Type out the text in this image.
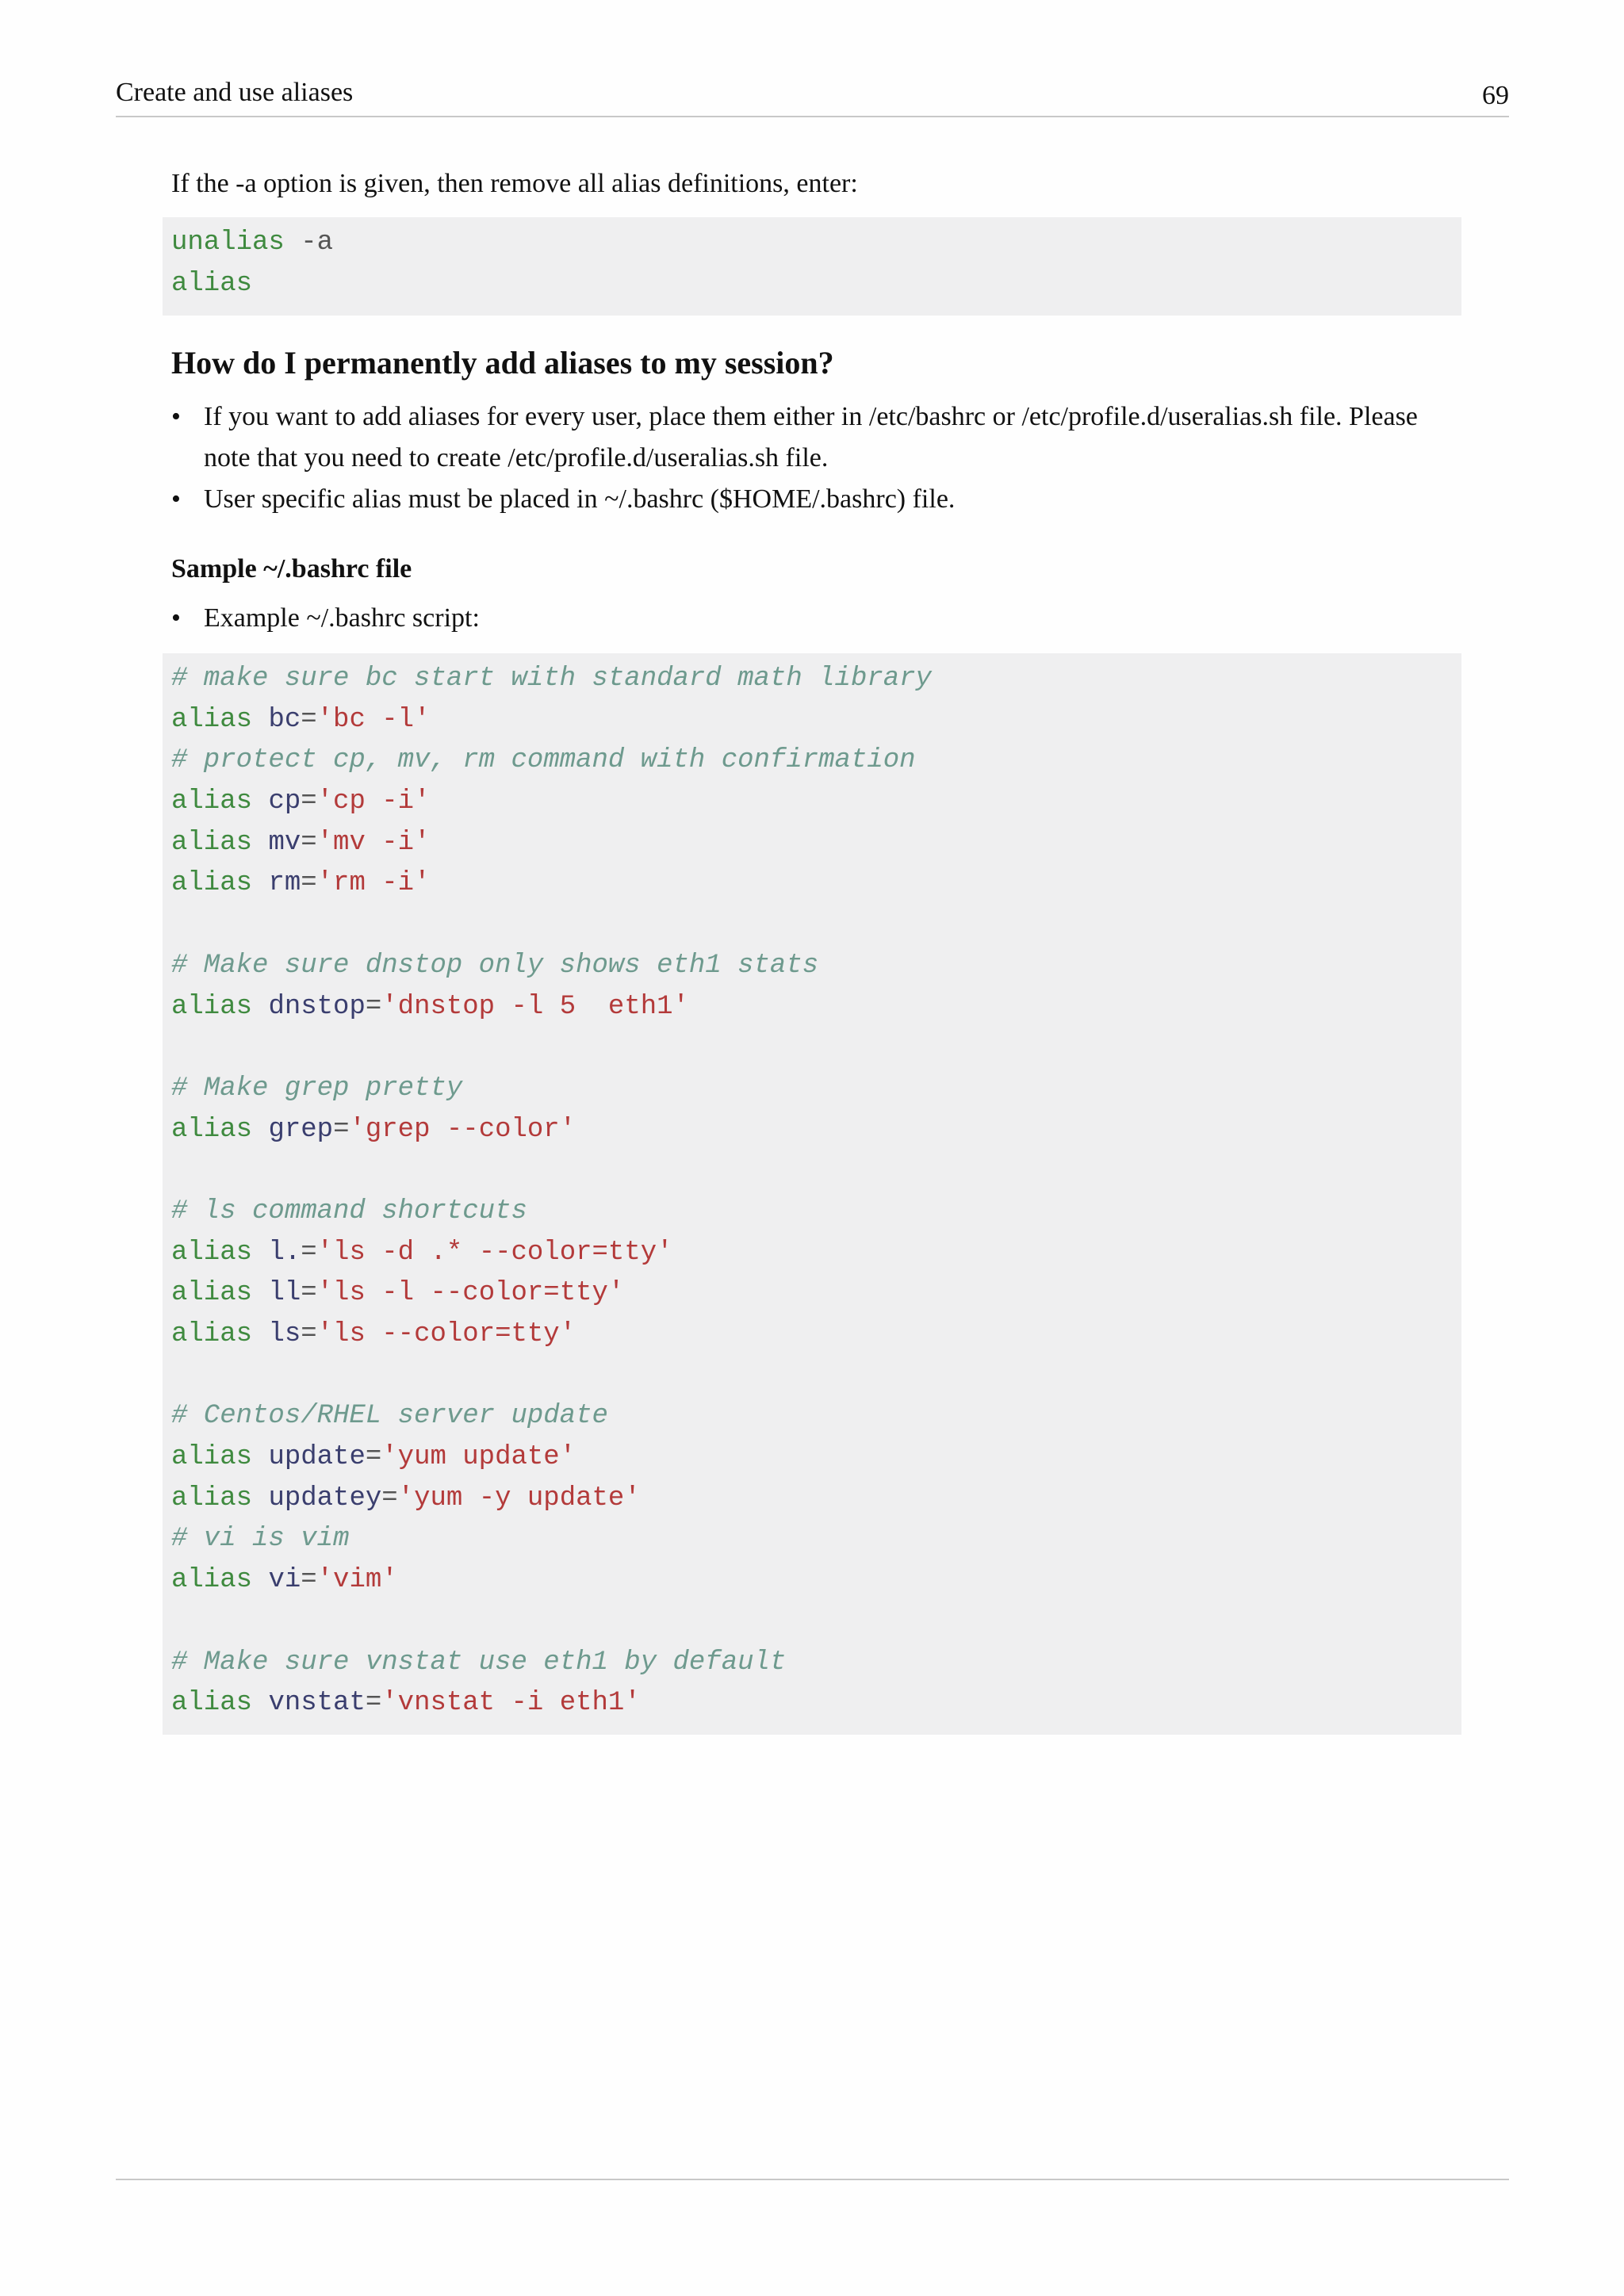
Create and use aliases	69

If the -a option is given, then remove all alias definitions, enter:

unalias -a
alias
How do I permanently add aliases to my session?
• If you want to add aliases for every user, place them either in /etc/bashrc or /etc/profile.d/useralias.sh file. Please note that you need to create /etc/profile.d/useralias.sh file.
• User specific alias must be placed in ~/.bashrc ($HOME/.bashrc) file.
Sample ~/.bashrc file
• Example ~/.bashrc script:
# make sure bc start with standard math library
alias bc='bc -l'
# protect cp, mv, rm command with confirmation
alias cp='cp -i'
alias mv='mv -i'
alias rm='rm -i'
# Make sure dnstop only shows eth1 stats
alias dnstop='dnstop -l 5  eth1'
# Make grep pretty
alias grep='grep --color'
# ls command shortcuts
alias l.='ls -d .* --color=tty'
alias ll='ls -l --color=tty'
alias ls='ls --color=tty'
# Centos/RHEL server update
alias update='yum update'
alias updatey='yum -y update'
# vi is vim
alias vi='vim'
# Make sure vnstat use eth1 by default
alias vnstat='vnstat -i eth1'
